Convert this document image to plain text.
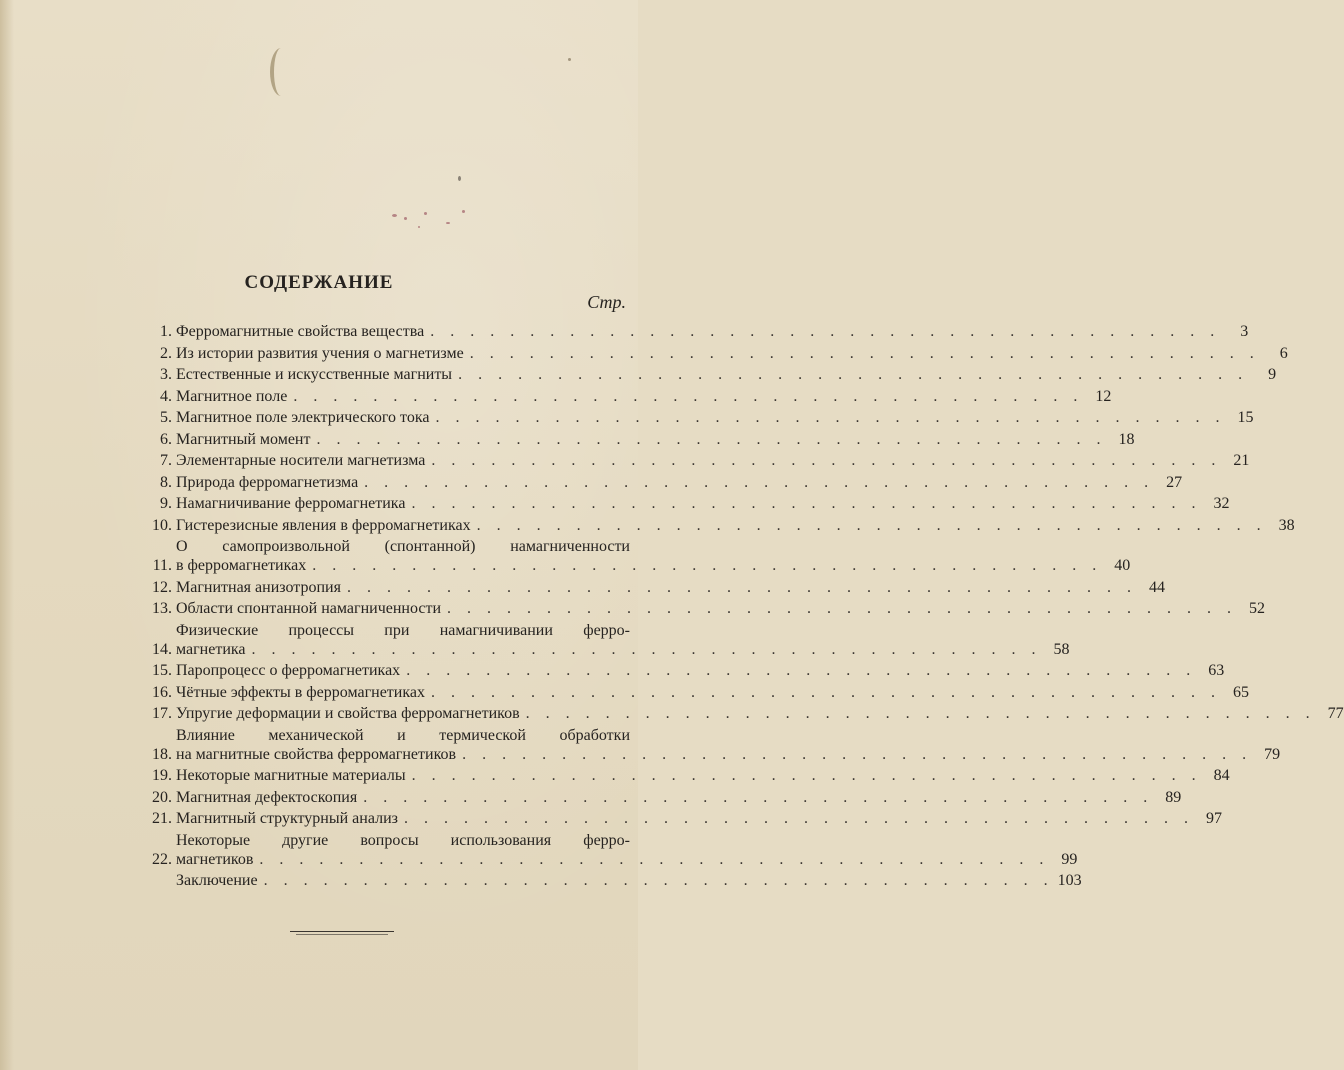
СОДЕРЖАНИЕ
Стр.
1. Ферромагнитные свойства вещества . . . . . . . . . . . . . . . . . . . . . . . . . . . . . . . . . . . . . . . .	3
2. Из истории развития учения о магнетизме . . . . . . . . . . . . . . . . . . . . . . . . . . . . . . . . . . . . . . . .	6
3. Естественные и искусственные магниты . . . . . . . . . . . . . . . . . . . . . . . . . . . . . . . . . . . . . . . .	9
4. Магнитное поле . . . . . . . . . . . . . . . . . . . . . . . . . . . . . . . . . . . . . . . . 12
5. Магнитное поле электрического тока . . . . . . . . . . . . . . . . . . . . . . . . . . . . . . . . . . . . . . . . 15
6. Магнитный момент . . . . . . . . . . . . . . . . . . . . . . . . . . . . . . . . . . . . . . . . 18
7. Элементарные носители магнетизма . . . . . . . . . . . . . . . . . . . . . . . . . . . . . . . . . . . . . . . . 21
8. Природа ферромагнетизма . . . . . . . . . . . . . . . . . . . . . . . . . . . . . . . . . . . . . . . . 27
9. Намагничивание ферромагнетика . . . . . . . . . . . . . . . . . . . . . . . . . . . . . . . . . . . . . . . . 32
10. Гистерезисные явления в ферромагнетиках . . . . . . . . . . . . . . . . . . . . . . . . . . . . . . . . . . . . . . . . 38
11.
О самопроизвольной (спонтанной) намагниченности
в ферромагнетиках . . . . . . . . . . . . . . . . . . . . . . . . . . . . . . . . . . . . . . . . 40
12. Магнитная анизотропия . . . . . . . . . . . . . . . . . . . . . . . . . . . . . . . . . . . . . . . . 44
13. Области спонтанной намагниченности . . . . . . . . . . . . . . . . . . . . . . . . . . . . . . . . . . . . . . . . 52
14.
Физические процессы при намагничивании ферро-
магнетика . . . . . . . . . . . . . . . . . . . . . . . . . . . . . . . . . . . . . . . . 58
15. Паропроцесс о ферромагнетиках . . . . . . . . . . . . . . . . . . . . . . . . . . . . . . . . . . . . . . . . 63
16. Чётные эффекты в ферромагнетиках . . . . . . . . . . . . . . . . . . . . . . . . . . . . . . . . . . . . . . . . 65
17. Упругие деформации и свойства ферромагнетиков . . . . . . . . . . . . . . . . . . . . . . . . . . . . . . . . . . . . . . . . 77
18.
Влияние механической и термической обработки
на магнитные свойства ферромагнетиков . . . . . . . . . . . . . . . . . . . . . . . . . . . . . . . . . . . . . . . . 79
19. Некоторые магнитные материалы . . . . . . . . . . . . . . . . . . . . . . . . . . . . . . . . . . . . . . . . 84
20. Магнитная дефектоскопия . . . . . . . . . . . . . . . . . . . . . . . . . . . . . . . . . . . . . . . . 89
21. Магнитный структурный анализ . . . . . . . . . . . . . . . . . . . . . . . . . . . . . . . . . . . . . . . . 97
22.
Некоторые другие вопросы использования ферро-
магнетиков . . . . . . . . . . . . . . . . . . . . . . . . . . . . . . . . . . . . . . . . 99
Заключение . . . . . . . . . . . . . . . . . . . . . . . . . . . . . . . . . . . . . . . . 103
